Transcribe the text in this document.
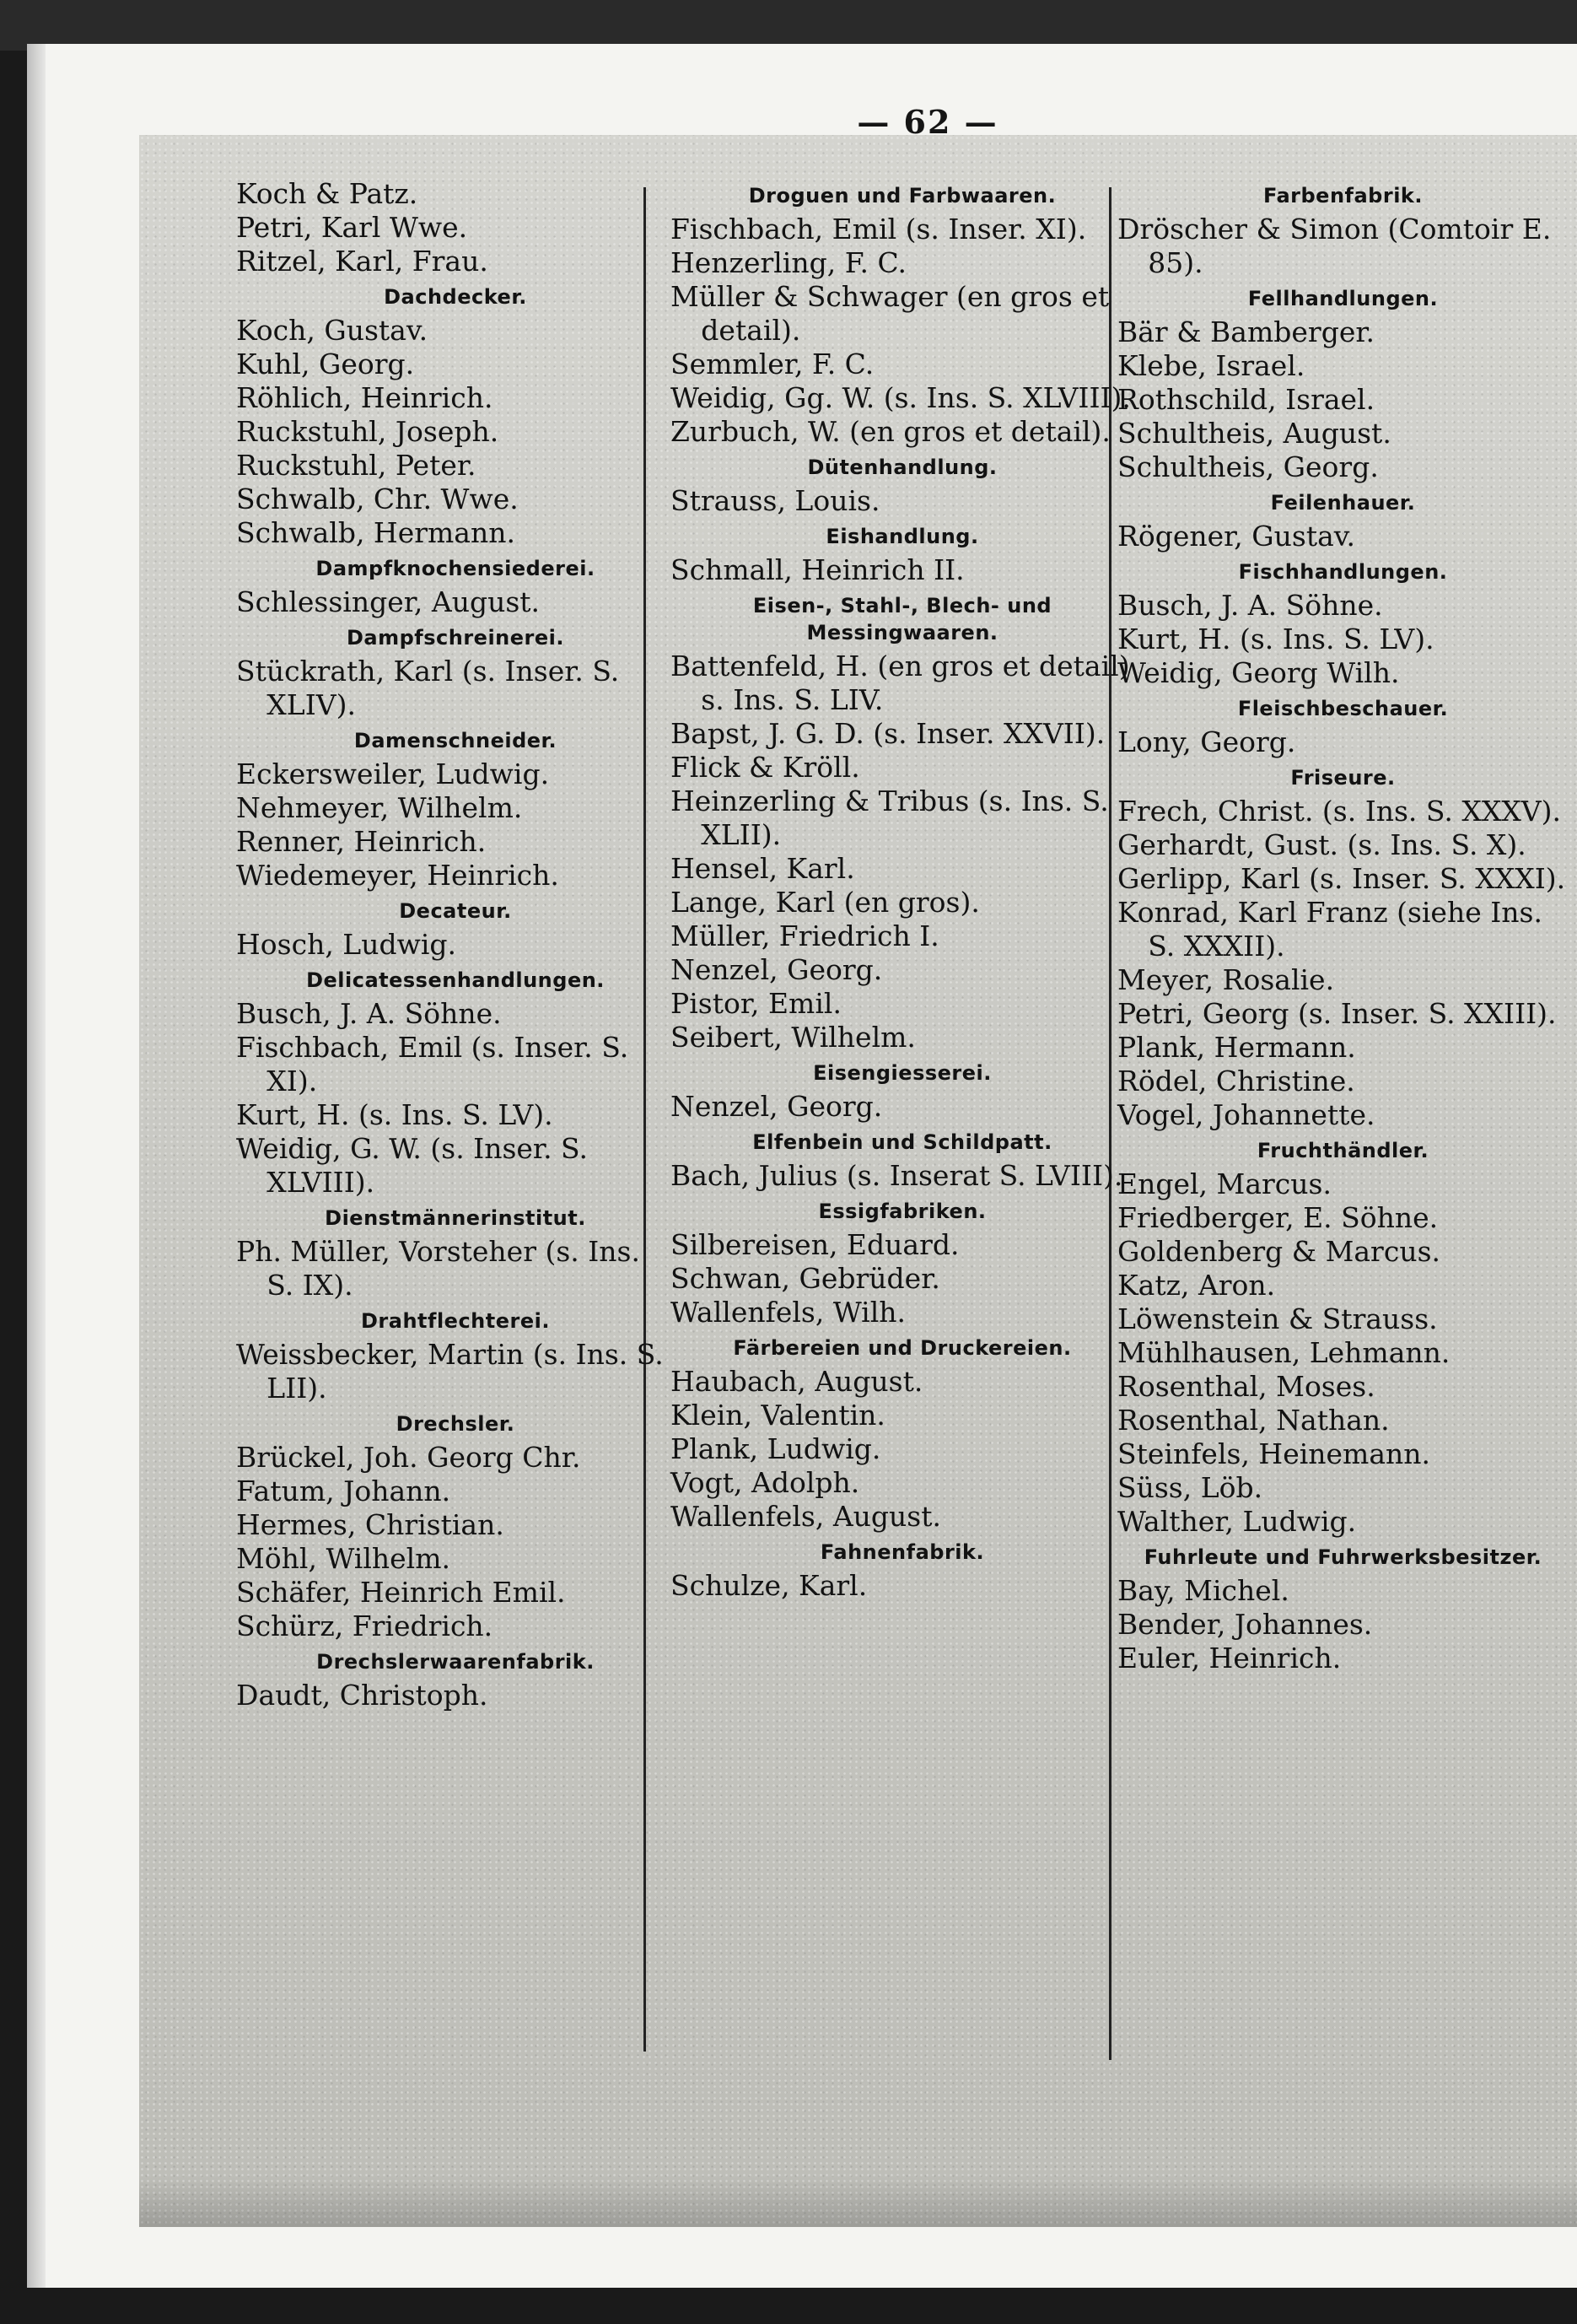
— 62 —
Koch & Patz.
Petri, Karl Wwe.
Ritzel, Karl, Frau.
Dachdecker.
Koch, Gustav.
Kuhl, Georg.
Röhlich, Heinrich.
Ruckstuhl, Joseph.
Ruckstuhl, Peter.
Schwalb, Chr. Wwe.
Schwalb, Hermann.
Dampfknochensiederei.
Schlessinger, August.
Dampfschreinerei.
Stückrath, Karl (s. Inser. S. XLIV).
Damenschneider.
Eckersweiler, Ludwig.
Nehmeyer, Wilhelm.
Renner, Heinrich.
Wiedemeyer, Heinrich.
Decateur.
Hosch, Ludwig.
Delicatessenhandlungen.
Busch, J. A. Söhne.
Fischbach, Emil (s. Inser. S. XI).
Kurt, H. (s. Ins. S. LV).
Weidig, G. W. (s. Inser. S. XLVIII).
Dienstmännerinstitut.
Ph. Müller, Vorsteher (s. Ins. S. IX).
Drahtflechterei.
Weissbecker, Martin (s. Ins. S. LII).
Drechsler.
Brückel, Joh. Georg Chr.
Fatum, Johann.
Hermes, Christian.
Möhl, Wilhelm.
Schäfer, Heinrich Emil.
Schürz, Friedrich.
Drechslerwaarenfabrik.
Daudt, Christoph.
Droguen und Farbwaaren.
Fischbach, Emil (s. Inser. XI).
Henzerling, F. C.
Müller & Schwager (en gros et detail).
Semmler, F. C.
Weidig, Gg. W. (s. Ins. S. XLVIII).
Zurbuch, W. (en gros et detail).
Dütenhandlung.
Strauss, Louis.
Eishandlung.
Schmall, Heinrich II.
Eisen-, Stahl-, Blech- und Messingwaaren.
Battenfeld, H. (en gros et detail) s. Ins. S. LIV.
Bapst, J. G. D. (s. Inser. XXVII).
Flick & Kröll.
Heinzerling & Tribus (s. Ins. S. XLII).
Hensel, Karl.
Lange, Karl (en gros).
Müller, Friedrich I.
Nenzel, Georg.
Pistor, Emil.
Seibert, Wilhelm.
Eisengiesserei.
Nenzel, Georg.
Elfenbein und Schildpatt.
Bach, Julius (s. Inserat S. LVIII).
Essigfabriken.
Silbereisen, Eduard.
Schwan, Gebrüder.
Wallenfels, Wilh.
Färbereien und Druckereien.
Haubach, August.
Klein, Valentin.
Plank, Ludwig.
Vogt, Adolph.
Wallenfels, August.
Fahnenfabrik.
Schulze, Karl.
Farbenfabrik.
Dröscher & Simon (Comtoir E. 85).
Fellhandlungen.
Bär & Bamberger.
Klebe, Israel.
Rothschild, Israel.
Schultheis, August.
Schultheis, Georg.
Feilenhauer.
Rögener, Gustav.
Fischhandlungen.
Busch, J. A. Söhne.
Kurt, H. (s. Ins. S. LV).
Weidig, Georg Wilh.
Fleischbeschauer.
Lony, Georg.
Friseure.
Frech, Christ. (s. Ins. S. XXXV).
Gerhardt, Gust. (s. Ins. S. X).
Gerlipp, Karl (s. Inser. S. XXXI).
Konrad, Karl Franz (siehe Ins. S. XXXII).
Meyer, Rosalie.
Petri, Georg (s. Inser. S. XXIII).
Plank, Hermann.
Rödel, Christine.
Vogel, Johannette.
Fruchthändler.
Engel, Marcus.
Friedberger, E. Söhne.
Goldenberg & Marcus.
Katz, Aron.
Löwenstein & Strauss.
Mühlhausen, Lehmann.
Rosenthal, Moses.
Rosenthal, Nathan.
Steinfels, Heinemann.
Süss, Löb.
Walther, Ludwig.
Fuhrleute und Fuhrwerksbesitzer.
Bay, Michel.
Bender, Johannes.
Euler, Heinrich.
